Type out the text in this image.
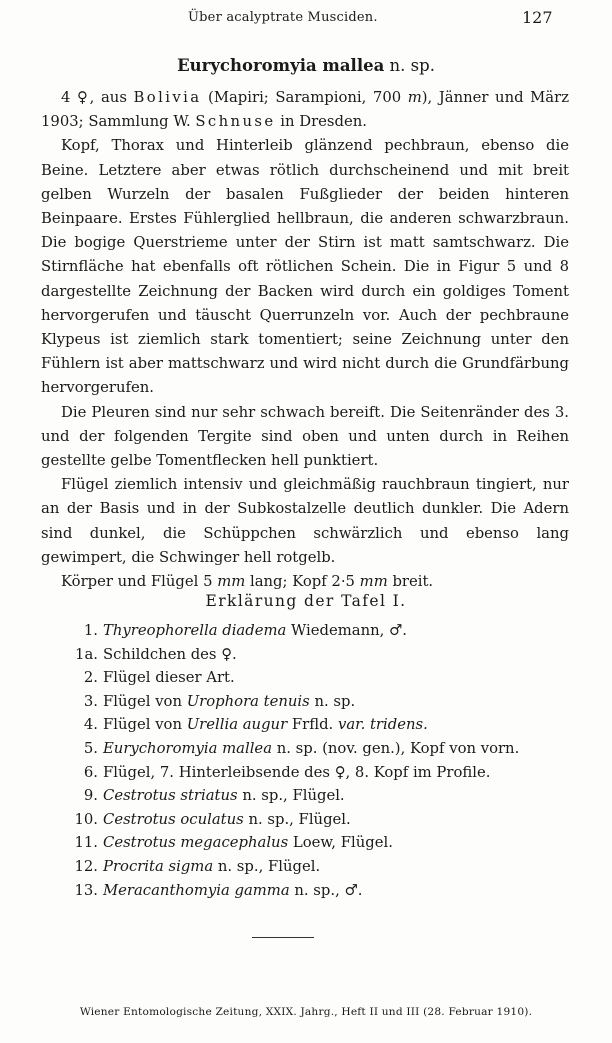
Über acalyptrate Musciden.	127
Eurychoromyia mallea n. sp.

4 ♀, aus Bolivia (Mapiri; Sarampioni, 700 m), Jänner und März 1903; Sammlung W. Schnuse in Dresden.

Kopf, Thorax und Hinterleib glänzend pechbraun, ebenso die Beine. Letztere aber etwas rötlich durchscheinend und mit breit gelben Wurzeln der basalen Fußglieder der beiden hinteren Beinpaare. Erstes Fühlerglied hellbraun, die anderen schwarzbraun. Die bogige Querstrieme unter der Stirn ist matt samtschwarz. Die Stirnfläche hat ebenfalls oft rötlichen Schein. Die in Figur 5 und 8 dargestellte Zeichnung der Backen wird durch ein goldiges Toment hervorgerufen und täuscht Querrunzeln vor. Auch der pechbraune Klypeus ist ziemlich stark tomentiert; seine Zeichnung unter den Fühlern ist aber mattschwarz und wird nicht durch die Grundfärbung hervorgerufen.

Die Pleuren sind nur sehr schwach bereift. Die Seitenränder des 3. und der folgenden Tergite sind oben und unten durch in Reihen gestellte gelbe Tomentflecken hell punktiert.

Flügel ziemlich intensiv und gleichmäßig rauchbraun tingiert, nur an der Basis und in der Subkostalzelle deutlich dunkler. Die Adern sind dunkel, die Schüppchen schwärzlich und ebenso lang gewimpert, die Schwinger hell rotgelb.

Körper und Flügel 5 mm lang; Kopf 2·5 mm breit.

Erklärung der Tafel I.
1. Thyreophorella diadema Wiedemann, ♂.
1a. Schildchen des ♀.
2. Flügel dieser Art.
3. Flügel von Urophora tenuis n. sp.
4. Flügel von Urellia augur Frfld. var. tridens.
5. Eurychoromyia mallea n. sp. (nov. gen.), Kopf von vorn.
6. Flügel, 7. Hinterleibsende des ♀, 8. Kopf im Profile.
9. Cestrotus striatus n. sp., Flügel.
10. Cestrotus oculatus n. sp., Flügel.
11. Cestrotus megacephalus Loew, Flügel.
12. Procrita sigma n. sp., Flügel.
13. Meracanthomyia gamma n. sp., ♂.
Wiener Entomologische Zeitung, XXIX. Jahrg., Heft II und III (28. Februar 1910).
